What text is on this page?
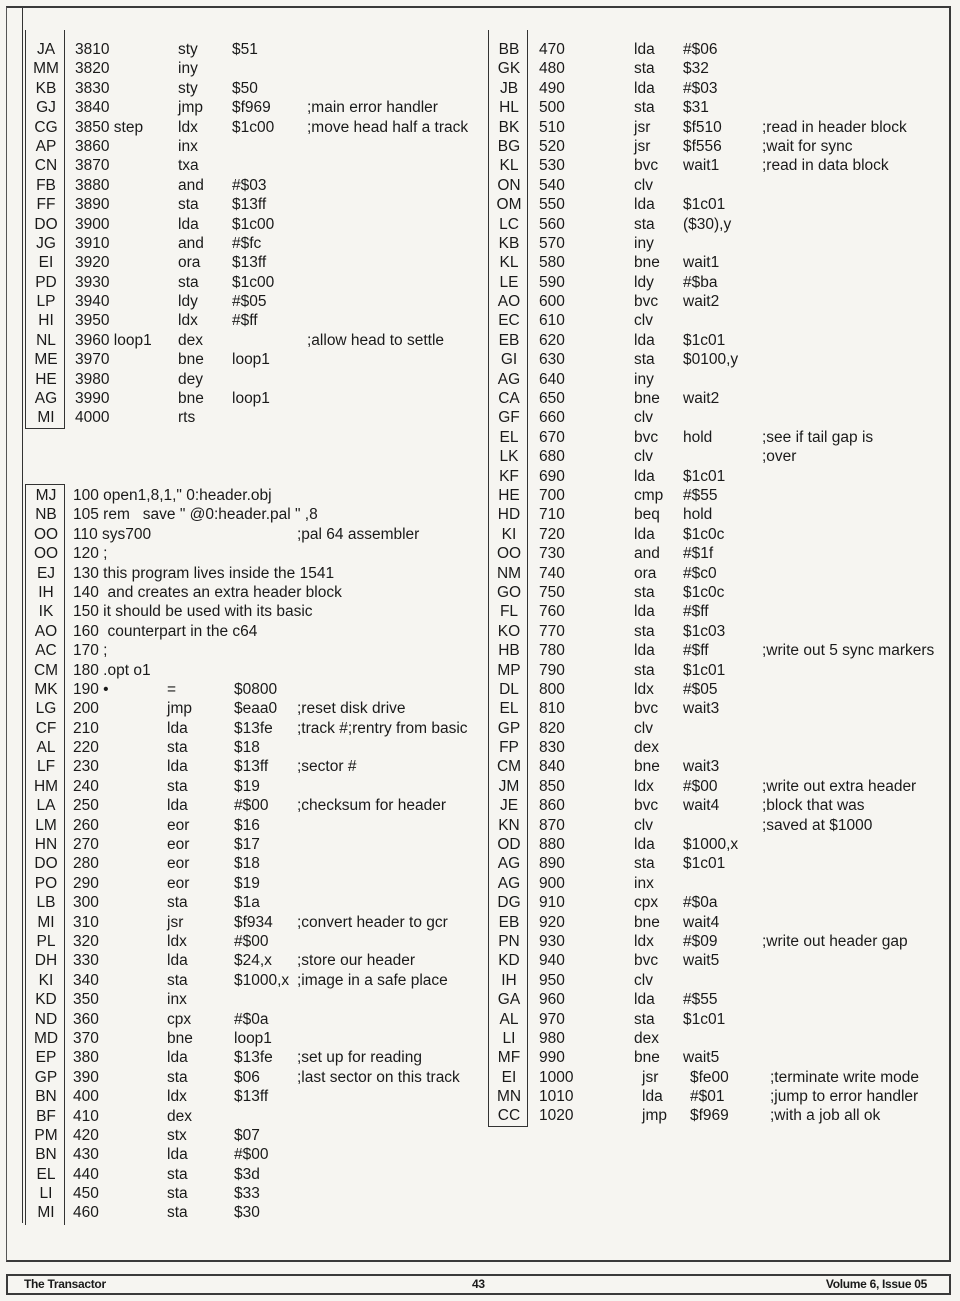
JA	3810	sty $51
MM	3820	iny
KB	3830	sty $50
GJ	3840	jmp $f969 ;main error handler
CG	3850 step ldx $1c00 ;move head half a track
AP	3860	inx
CN	3870	txa
FB	3880	and #$03
FF	3890	sta $13ff
DO	3900	lda $1c00
JG	3910	and #$fc
EI	3920	ora $13ff
PD	3930	sta $1c00
LP	3940	ldy #$05
HI	3950	ldx #$ff
NL	3960 loop1 dex	;allow head to settle
ME	3970	bne loop1
HE	3980	dey
AG	3990	bne loop1
MI	4000	rts
MJ	100 open1,8,1," 0:header.obj
NB	105 rem   save " @0:header.pal " ,8
OO 110 sys700	;pal 64 assembler
OO 120 ;
EJ	130 this program lives inside the 1541
IH	140  and creates an extra header block
IK	150 it should be used with its basic
AO	160  counterpart in the c64
AC	170 ;
CM 180 .opt o1
MK 190 •	=	$0800
LG	200	jmp	$eaa0 ;reset disk drive
CF	210	lda	$13fe ;track #;rentry from basic
AL	220	sta	$18
LF	230	lda	$13ff ;sector #
HM 240	sta	$19
LA	250	lda	#$00 ;checksum for header
LM	260	eor	$16
HN	270	eor	$17
DO 280	eor	$18
PO	290	eor	$19
LB	300	sta	$1a
MI	310	jsr	$f934 ;convert header to gcr
PL	320	ldx	#$00
DH	330	lda	$24,x ;store our header
KI	340	sta	$1000,x ;image in a safe place
KD	350	inx
ND	360	cpx	#$0a
MD 370	bne	loop1
EP	380	lda	$13fe ;set up for reading
GP	390	sta	$06 ;last sector on this track
BN	400	ldx	$13ff
BF	410	dex
PM 420	stx	$07
BN	430	lda	#$00
EL	440	sta	$3d
LI	450	sta	$33
MI	460	sta	$30
BB	470	lda #$06
GK	480	sta $32
JB	490	lda #$03
HL	500	sta $31
BK	510	jsr $f510	;read in header block
BG	520	jsr $f556	;wait for sync
KL	530	bvc wait1	;read in data block
ON	540	clv
OM	550	lda $1c01
LC	560	sta ($30),y
KB	570	iny
KL	580	bne wait1
LE	590	ldy #$ba
AO	600	bvc wait2
EC	610	clv
EB	620	lda $1c01
GI	630	sta $0100,y
AG	640	iny
CA	650	bne wait2
GF	660	clv
EL	670	bvc hold	;see if tail gap is
LK	680	clv	;over
KF	690	lda $1c01
HE	700	cmp #$55
HD	710	beq hold
KI	720	lda $1c0c
OO	730	and #$1f
NM	740	ora #$c0
GO	750	sta $1c0c
FL	760	lda #$ff
KO	770	sta $1c03
HB	780	lda #$ff	;write out 5 sync markers
MP	790	sta $1c01
DL	800	ldx #$05
EL	810	bvc wait3
GP	820	clv
FP	830	dex
CM	840	bne wait3
JM	850	ldx #$00	;write out extra header
JE	860	bvc wait4	;block that was
KN	870	clv	;saved at $1000
OD	880	lda $1000,x
AG	890	sta $1c01
AG	900	inx
DG	910	cpx #$0a
EB	920	bne wait4
PN	930	ldx #$09	;write out header gap
KD	940	bvc wait5
IH	950	clv
GA	960	lda #$55
AL	970	sta $1c01
LI	980	dex
MF	990	bne wait5
EI	1000	jsr $fe00	;terminate write mode
MN	1010	lda #$01	;jump to error handler
CC	1020	jmp $f969	;with a job all ok
The Transactor	43	Volume 6, Issue 05
